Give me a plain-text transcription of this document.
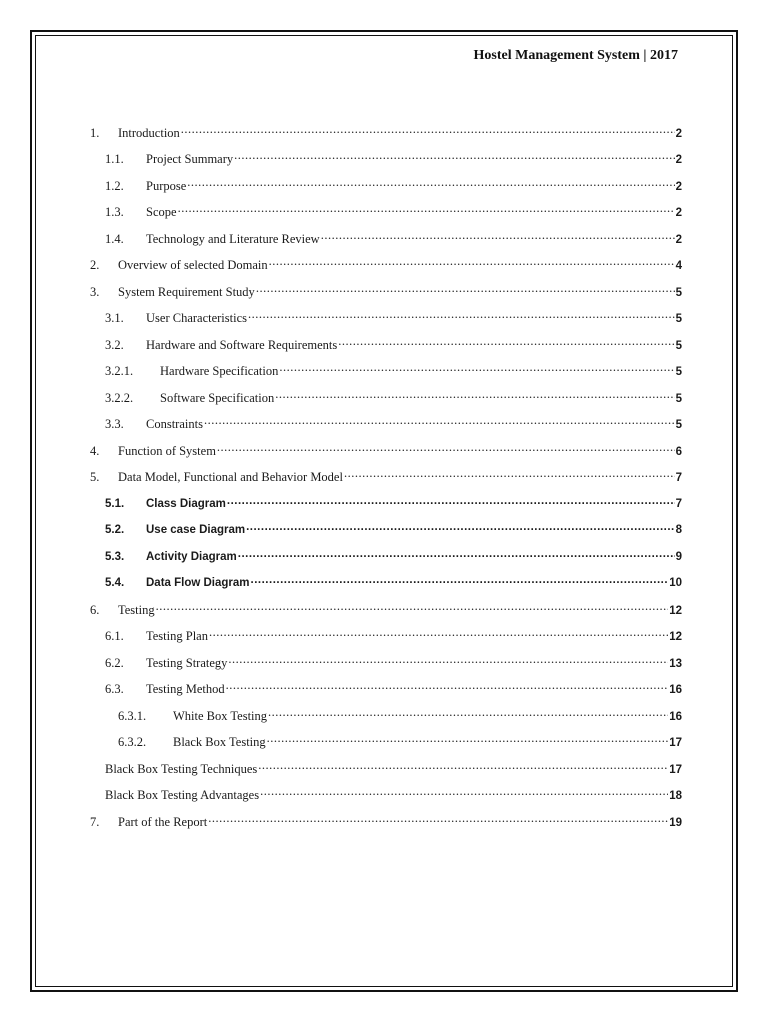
Hostel Management System | 2017
1.	Introduction .....	2
1.1.	Project Summary .....	2
1.2.	Purpose .....	2
1.3.	Scope .....	2
1.4.	Technology and Literature Review .....	2
2.	Overview of selected Domain .....	4
3.	System Requirement Study .....	5
3.1.	User Characteristics .....	5
3.2.	Hardware and Software Requirements .....	5
3.2.1.	Hardware Specification .....	5
3.2.2.	Software Specification .....	5
3.3.	Constraints .....	5
4.	Function of System .....	6
5.	Data Model, Functional and Behavior Model .....	7
5.1.	Class Diagram .....	7
5.2.	Use case Diagram .....	8
5.3.	Activity Diagram .....	9
5.4.	Data Flow Diagram .....	10
6.	Testing .....	12
6.1.	Testing Plan .....	12
6.2.	Testing Strategy .....	13
6.3.	Testing Method .....	16
6.3.1.	White Box Testing .....	16
6.3.2.	Black Box Testing .....	17
Black Box Testing Techniques .....	17
Black Box Testing Advantages .....	18
7.	Part of the Report .....	19
